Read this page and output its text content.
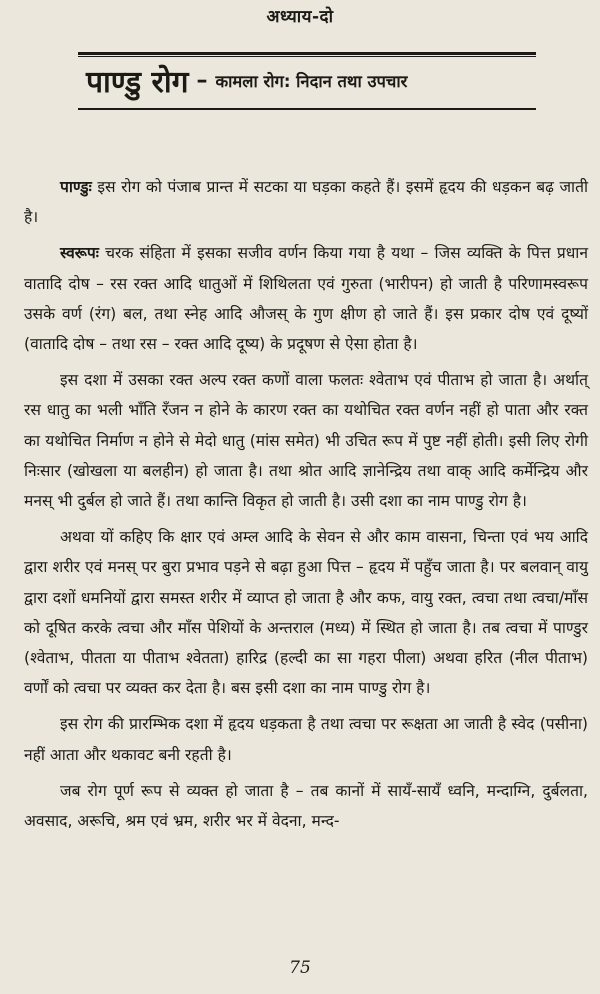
अध्याय-दो
पाण्डु रोग – कामला रोग: निदान तथा उपचार

पाण्डुः इस रोग को पंजाब प्रान्त में सटका या घड़का कहते हैं। इसमें हृदय की धड़कन बढ़ जाती है।

स्वरूपः चरक संहिता में इसका सजीव वर्णन किया गया है यथा – जिस व्यक्ति के पित्त प्रधान वातादि दोष – रस रक्त आदि धातुओं में शिथिलता एवं गुरुता (भारीपन) हो जाती है परिणामस्वरूप उसके वर्ण (रंग) बल, तथा स्नेह आदि औजस् के गुण क्षीण हो जाते हैं। इस प्रकार दोष एवं दूष्यों (वातादि दोष – तथा रस – रक्त आदि दूष्य) के प्रदूषण से ऐसा होता है।

इस दशा में उसका रक्त अल्प रक्त कणों वाला फलतः श्वेताभ एवं पीताभ हो जाता है। अर्थात् रस धातु का भली भाँति रँजन न होने के कारण रक्त का यथोचित रक्त वर्णन नहीं हो पाता और रक्त का यथोचित निर्माण न होने से मेदो धातु (मांस समेत) भी उचित रूप में पुष्ट नहीं होती। इसी लिए रोगी निःसार (खोखला या बलहीन) हो जाता है। तथा श्रोत आदि ज्ञानेन्द्रिय तथा वाक् आदि कर्मेन्द्रिय और मनस् भी दुर्बल हो जाते हैं। तथा कान्ति विकृत हो जाती है। उसी दशा का नाम पाण्डु रोग है।

अथवा यों कहिए कि क्षार एवं अम्ल आदि के सेवन से और काम वासना, चिन्ता एवं भय आदि द्वारा शरीर एवं मनस् पर बुरा प्रभाव पड़ने से बढ़ा हुआ पित्त – हृदय में पहुँच जाता है। पर बलवान् वायु द्वारा दशों धमनियों द्वारा समस्त शरीर में व्याप्त हो जाता है और कफ, वायु रक्त, त्वचा तथा त्वचा/माँस को दूषित करके त्वचा और माँस पेशियों के अन्तराल (मध्य) में स्थित हो जाता है। तब त्वचा में पाण्डुर (श्वेताभ, पीतता या पीताभ श्वेतता) हारिद्र (हल्दी का सा गहरा पीला) अथवा हरित (नील पीताभ) वर्णों को त्वचा पर व्यक्त कर देता है। बस इसी दशा का नाम पाण्डु रोग है।

इस रोग की प्रारम्भिक दशा में हृदय धड़कता है तथा त्वचा पर रूक्षता आ जाती है स्वेद (पसीना) नहीं आता और थकावट बनी रहती है।

जब रोग पूर्ण रूप से व्यक्त हो जाता है – तब कानों में सायँ-सायँ ध्वनि, मन्दाग्नि, दुर्बलता, अवसाद, अरूचि, श्रम एवं भ्रम, शरीर भर में वेदना, मन्द-

75
